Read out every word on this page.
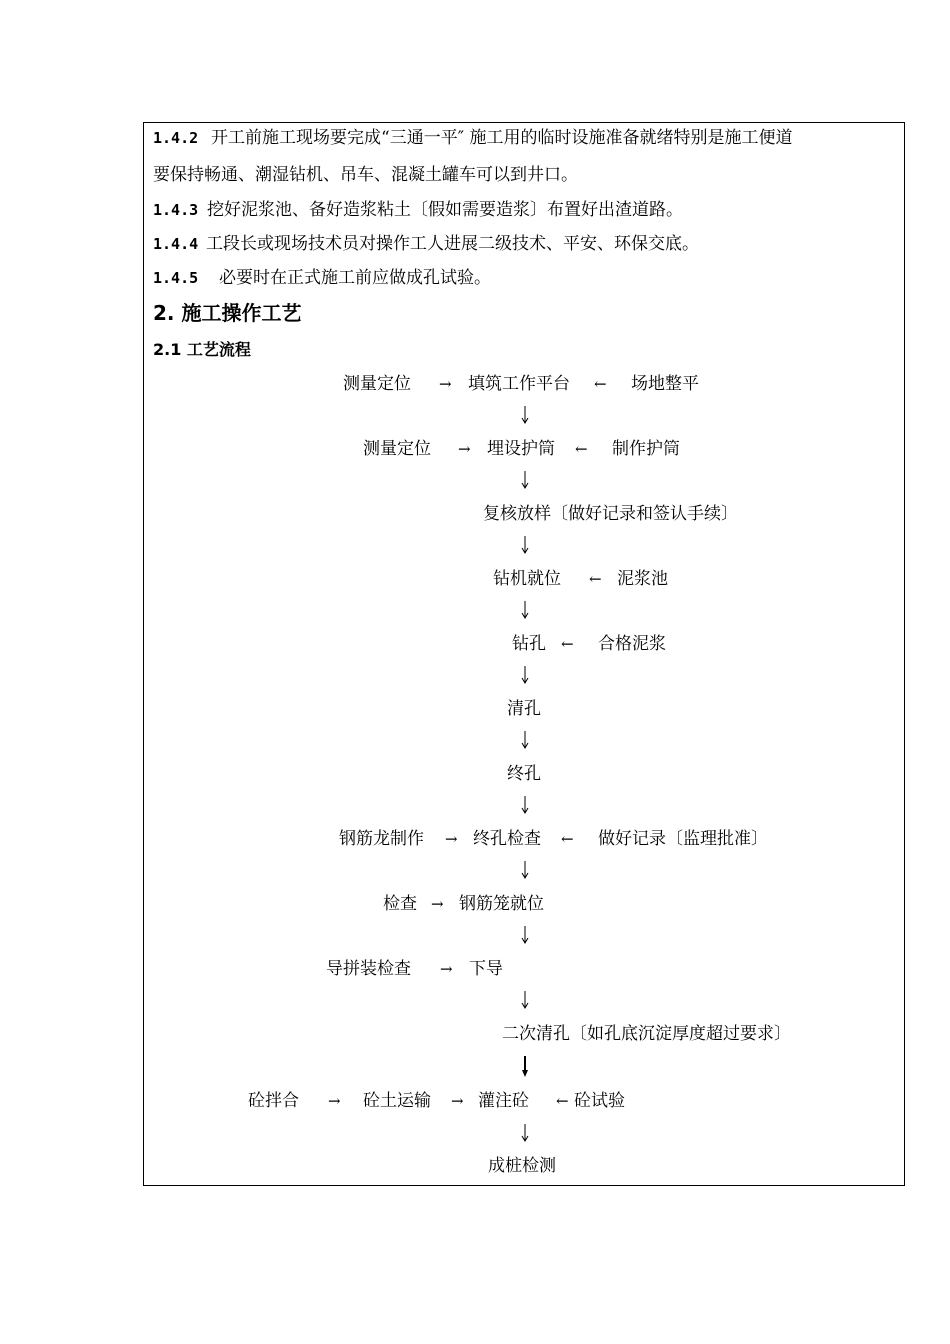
1.4.2 开工前施工现场要完成“三通一平″ 施工用的临时设施准备就绪特别是施工便道
要保持畅通、潮湿钻机、吊车、混凝土罐车可以到井口。
1.4.3 挖好泥浆池、备好造浆粘土〔假如需要造浆〕布置好出渣道路。
1.4.4 工段长或现场技术员对操作工人进展二级技术、平安、环保交底。
1.4.5 必要时在正式施工前应做成孔试验。
2. 施工操作工艺
2.1 工艺流程
测量定位 → 填筑工作平台 ← 场地整平
测量定位 → 埋设护筒 ← 制作护筒
复核放样〔做好记录和签认手续〕
钻机就位 ← 泥浆池
钻孔 ← 合格泥浆
清孔
终孔
钢筋龙制作 → 终孔检查 ← 做好记录〔监理批准〕
检查 → 钢筋笼就位
导拼装检查 → 下导
二次清孔〔如孔底沉淀厚度超过要求〕
砼拌合 → 砼土运输 → 灌注砼 ← 砼试验
成桩检测
